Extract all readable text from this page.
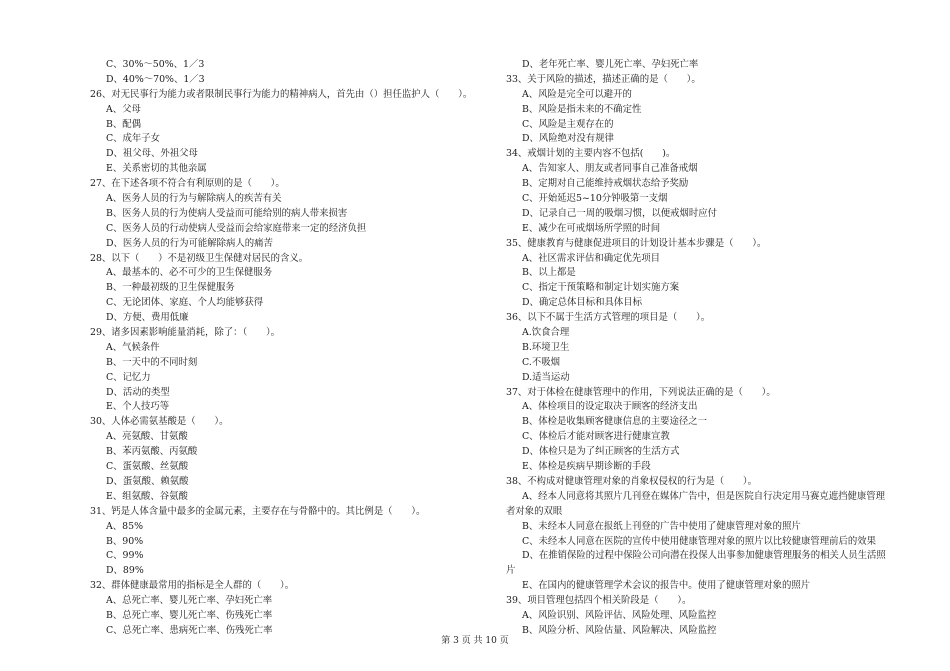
C、30%～50%、1／3
D、40%～70%、1／3
26、对无民事行为能力或者限制民事行为能力的精神病人，首先由（）担任监护人（　　）。
A、父母
B、配偶
C、成年子女
D、祖父母、外祖父母
E、关系密切的其他亲属
27、在下述各项不符合有利原则的是（　　）。
A、医务人员的行为与解除病人的疾苦有关
B、医务人员的行为使病人受益而可能给别的病人带来损害
C、医务人员的行动使病人受益而会给家庭带来一定的经济负担
D、医务人员的行为可能解除病人的痛苦
28、以下（　　）不是初级卫生保健对居民的含义。
A、最基本的、必不可少的卫生保健服务
B、一种最初级的卫生保健服务
C、无论团体、家庭、个人均能够获得
D、方便、费用低廉
29、诸多因素影响能量消耗，除了：（　　）。
A、气候条件
B、一天中的不同时刻
C、记忆力
D、活动的类型
E、个人技巧等
30、人体必需氨基酸是（　　）。
A、亮氨酸、甘氨酸
B、苯丙氨酸、丙氨酸
C、蛋氨酸、丝氨酸
D、蛋氨酸、赖氨酸
E、组氨酸、谷氨酸
31、钙是人体含量中最多的金属元素，主要存在与骨骼中的。其比例是（　　）。
A、85%
B、90%
C、99%
D、89%
32、群体健康最常用的指标是全人群的（　　）。
A、总死亡率、婴儿死亡率、孕妇死亡率
B、总死亡率、婴儿死亡率、伤残死亡率
C、总死亡率、患病死亡率、伤残死亡率
D、老年死亡率、婴儿死亡率、孕妇死亡率
33、关于风险的描述，描述正确的是（　　）。
A、风险是完全可以避开的
B、风险是指未来的不确定性
C、风险是主观存在的
D、风险绝对没有规律
34、戒烟计划的主要内容不包括(　　)。
A、告知家人、朋友或者同事自己准备戒烟
B、定期对自己能维持戒烟状态给予奖励
C、开始延迟5~10分钟吸第一支烟
D、记录自己一周的吸烟习惯，以便戒烟时应付
E、减少在可戒烟场所学照的时间
35、健康教育与健康促进项目的计划设计基本步骤是（　　）。
A、社区需求评估和确定优先项目
B、以上都是
C、指定干预策略和制定计划实施方案
D、确定总体目标和具体目标
36、以下不属于生活方式管理的项目是（　　）。
A.饮食合理
B.环境卫生
C.不吸烟
D.适当运动
37、对于体检在健康管理中的作用，下列说法正确的是（　　）。
A、体检项目的设定取决于顾客的经济支出
B、体检是收集顾客健康信息的主要途径之一
C、体检后才能对顾客进行健康宣教
D、体检只是为了纠正顾客的生活方式
E、体检是疾病早期诊断的手段
38、不构成对健康管理对象的肖象权侵权的行为是（　　）。
A、经本人同意将其照片几刊登在媒体广告中，但是医院自行决定用马赛克遮挡健康管理
者对象的双眼
B、未经本人同意在报纸上刊登的广告中使用了健康管理对象的照片
C、未经本人同意在医院的宣传中使用健康管理对象的照片以比较健康管理前后的效果
D、在推销保险的过程中保险公司向潜在投保人出事参加健康管理服务的相关人员生活照
片
E、在国内的健康管理学术会议的报告中。使用了健康管理对象的照片
39、项目管理包括四个相关阶段是（　　）。
A、风险识别、风险评估、风险处理、风险监控
B、风险分析、风险估量、风险解决、风险监控
第 3 页 共 10 页
